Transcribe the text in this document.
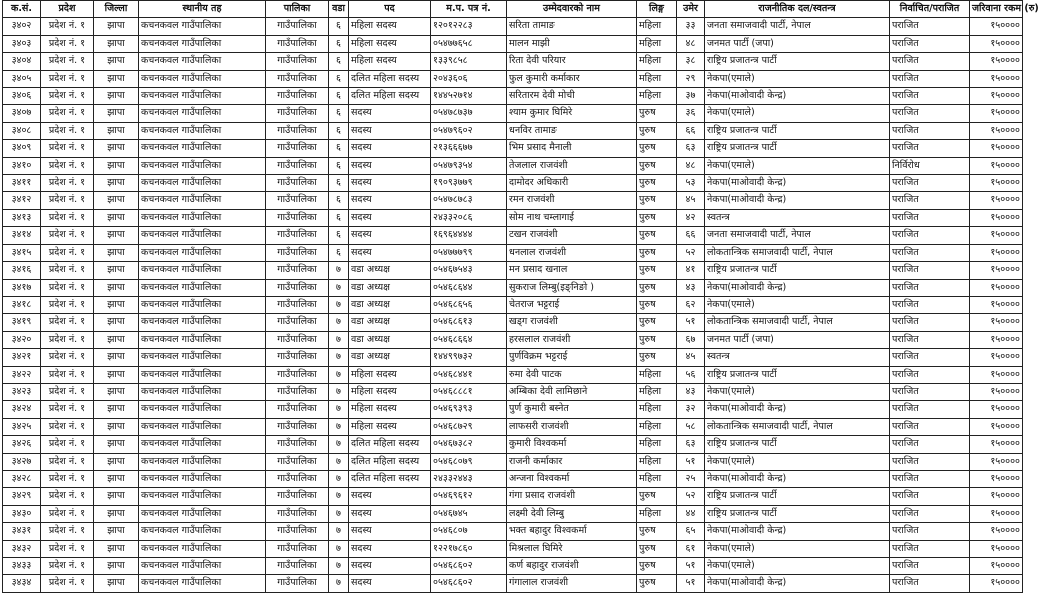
क.सं.	प्रदेश	जिल्ला	स्थानीय तह	पालिका	वडा	पद	म.प. पत्र नं.	उम्मेदवारको नाम	लिङ्ग	उमेर	राजनीतिक दल/स्वतन्त्र	निर्वाचित/पराजित	जरिवाना रकम (रु)
३४०२	प्रदेश नं. १	झापा	कचनकवल गाउँपालिका	गाउँपालिका	६	महिला सदस्य	१२०१२२८३	सरिता तामाङ	महिला	३३	जनता समाजवादी पार्टी, नेपाल	पराजित	१५००००
३४०३	प्रदेश नं. १	झापा	कचनकवल गाउँपालिका	गाउँपालिका	६	महिला सदस्य	०५४७७६५८	मालन माझी	महिला	४८	जनमत पार्टी (जपा)	पराजित	१५००००
३४०४	प्रदेश नं. १	झापा	कचनकवल गाउँपालिका	गाउँपालिका	६	महिला सदस्य	१३३९८५८	रिता देवी परियार	महिला	३८	राष्ट्रिय प्रजातन्त्र पार्टी	पराजित	१५००००
३४०५	प्रदेश नं. १	झापा	कचनकवल गाउँपालिका	गाउँपालिका	६	दलित महिला सदस्य	२०४३६०६	फुल कुमारी कर्माकार	महिला	२९	नेकपा(एमाले)	पराजित	१५००००
३४०६	प्रदेश नं. १	झापा	कचनकवल गाउँपालिका	गाउँपालिका	६	दलित महिला सदस्य	१४४५२७१४	सरितारम देवी मोची	महिला	३७	नेकपा(माओवादी केन्द्र)	पराजित	१५००००
३४०७	प्रदेश नं. १	झापा	कचनकवल गाउँपालिका	गाउँपालिका	६	सदस्य	०५४७८७३७	श्याम कुमार घिमिरे	पुरुष	३६	नेकपा(एमाले)	पराजित	१५००००
३४०८	प्रदेश नं. १	झापा	कचनकवल गाउँपालिका	गाउँपालिका	६	सदस्य	०५४७९६०२	धनविर तामाङ	पुरुष	६६	राष्ट्रिय प्रजातन्त्र पार्टी	पराजित	१५००००
३४०९	प्रदेश नं. १	झापा	कचनकवल गाउँपालिका	गाउँपालिका	६	सदस्य	२१३६६६७७	भिम प्रसाद मैनाली	पुरुष	६३	राष्ट्रिय प्रजातन्त्र पार्टी	पराजित	१५००००
३४१०	प्रदेश नं. १	झापा	कचनकवल गाउँपालिका	गाउँपालिका	६	सदस्य	०५४७९३५४	तेजलाल राजवंशी	पुरुष	४८	नेकपा(एमाले)	निर्विरोध	१५००००
३४११	प्रदेश नं. १	झापा	कचनकवल गाउँपालिका	गाउँपालिका	६	सदस्य	१९०९३७७९	दामोदर अधिकारी	पुरुष	५३	नेकपा(माओवादी केन्द्र)	पराजित	१५००००
३४१२	प्रदेश नं. १	झापा	कचनकवल गाउँपालिका	गाउँपालिका	६	सदस्य	०५४७८७८३	रमन राजवंशी	पुरुष	४५	नेकपा(माओवादी केन्द्र)	पराजित	१५००००
३४१३	प्रदेश नं. १	झापा	कचनकवल गाउँपालिका	गाउँपालिका	६	सदस्य	२४३३२०८६	सोम नाथ चम्लागाई	पुरुष	४२	स्वतन्त्र	पराजित	१५००००
३४१४	प्रदेश नं. १	झापा	कचनकवल गाउँपालिका	गाउँपालिका	६	सदस्य	१६९६४४४४	टखन राजवंशी	पुरुष	६६	जनता समाजवादी पार्टी, नेपाल	पराजित	१५००००
३४१५	प्रदेश नं. १	झापा	कचनकवल गाउँपालिका	गाउँपालिका	६	सदस्य	०५४७७७९९	धनलाल राजवंशी	पुरुष	५२	लोकतान्त्रिक समाजवादी पार्टी, नेपाल	पराजित	१५००००
३४१६	प्रदेश नं. १	झापा	कचनकवल गाउँपालिका	गाउँपालिका	७	वडा अध्यक्ष	०५४६७५४३	मन प्रसाद खनाल	पुरुष	४१	राष्ट्रिय प्रजातन्त्र पार्टी	पराजित	१५००००
३४१७	प्रदेश नं. १	झापा	कचनकवल गाउँपालिका	गाउँपालिका	७	वडा अध्यक्ष	०५४६८६४४	सुकराज लिम्बु(इङ्निङो )	पुरुष	४३	नेकपा(माओवादी केन्द्र)	पराजित	१५००००
३४१८	प्रदेश नं. १	झापा	कचनकवल गाउँपालिका	गाउँपालिका	७	वडा अध्यक्ष	०५४६८६५६	चेतराज भट्टराई	पुरुष	६२	नेकपा(एमाले)	पराजित	१५००००
३४१९	प्रदेश नं. १	झापा	कचनकवल गाउँपालिका	गाउँपालिका	७	वडा अध्यक्ष	०५४६८६१३	खड्ग राजवंशी	पुरुष	५१	लोकतान्त्रिक समाजवादी पार्टी, नेपाल	पराजित	१५००००
३४२०	प्रदेश नं. १	झापा	कचनकवल गाउँपालिका	गाउँपालिका	७	वडा अध्यक्ष	०५४६८६६४	हरसलाल राजवंशी	पुरुष	६७	जनमत पार्टी (जपा)	पराजित	१५००००
३४२१	प्रदेश नं. १	झापा	कचनकवल गाउँपालिका	गाउँपालिका	७	वडा अध्यक्ष	१४४९९७३२	पुर्णविक्रम भट्टराई	पुरुष	४५	स्वतन्त्र	पराजित	१५००००
३४२२	प्रदेश नं. १	झापा	कचनकवल गाउँपालिका	गाउँपालिका	७	महिला सदस्य	०५४६८४४१	रुमा देवी पाटक	महिला	५६	राष्ट्रिय प्रजातन्त्र पार्टी	पराजित	१५००००
३४२३	प्रदेश नं. १	झापा	कचनकवल गाउँपालिका	गाउँपालिका	७	महिला सदस्य	०५४६८८८१	अम्बिका देवी लामिछाने	महिला	४३	नेकपा(एमाले)	पराजित	१५००००
३४२४	प्रदेश नं. १	झापा	कचनकवल गाउँपालिका	गाउँपालिका	७	महिला सदस्य	०५४६९३९३	पुर्ण कुमारी बस्नेत	महिला	३२	नेकपा(माओवादी केन्द्र)	पराजित	१५००००
३४२५	प्रदेश नं. १	झापा	कचनकवल गाउँपालिका	गाउँपालिका	७	महिला सदस्य	०५४६८७२९	लाफसरी राजवंशी	महिला	५८	लोकतान्त्रिक समाजवादी पार्टी, नेपाल	पराजित	१५००००
३४२६	प्रदेश नं. १	झापा	कचनकवल गाउँपालिका	गाउँपालिका	७	दलित महिला सदस्य	०५४६७३८२	कुमारी विश्वकर्मा	महिला	६३	राष्ट्रिय प्रजातन्त्र पार्टी	पराजित	१५००००
३४२७	प्रदेश नं. १	झापा	कचनकवल गाउँपालिका	गाउँपालिका	७	दलित महिला सदस्य	०५४६८०७९	राजनी कर्माकार	महिला	५१	नेकपा(एमाले)	पराजित	१५००००
३४२८	प्रदेश नं. १	झापा	कचनकवल गाउँपालिका	गाउँपालिका	७	दलित महिला सदस्य	२४३३२४४३	अन्जना विश्वकर्मा	महिला	२५	नेकपा(माओवादी केन्द्र)	पराजित	१५००००
३४२९	प्रदेश नं. १	झापा	कचनकवल गाउँपालिका	गाउँपालिका	७	सदस्य	०५४६९६१२	गंगा प्रसाद राजवंशी	पुरुष	५२	राष्ट्रिय प्रजातन्त्र पार्टी	पराजित	१५००००
३४३०	प्रदेश नं. १	झापा	कचनकवल गाउँपालिका	गाउँपालिका	७	सदस्य	०५४६७४५	लक्ष्मी देवी लिम्बु	महिला	४४	राष्ट्रिय प्रजातन्त्र पार्टी	पराजित	१५००००
३४३१	प्रदेश नं. १	झापा	कचनकवल गाउँपालिका	गाउँपालिका	७	सदस्य	०५४६८०७	भक्त बहादुर विश्वकर्मा	पुरुष	६५	नेकपा(माओवादी केन्द्र)	पराजित	१५००००
३४३२	प्रदेश नं. १	झापा	कचनकवल गाउँपालिका	गाउँपालिका	७	सदस्य	१२२१७८६०	मिश्रलाल घिमिरे	पुरुष	६१	नेकपा(एमाले)	पराजित	१५००००
३४३३	प्रदेश नं. १	झापा	कचनकवल गाउँपालिका	गाउँपालिका	७	सदस्य	०५४६८६०२	कर्ण बहादुर राजवंशी	पुरुष	५१	नेकपा(एमाले)	पराजित	१५००००
३४३४	प्रदेश नं. १	झापा	कचनकवल गाउँपालिका	गाउँपालिका	७	सदस्य	०५४६८६०२	गंगालाल राजवंशी	पुरुष	५१	नेकपा(माओवादी केन्द्र)	पराजित	१५००००
